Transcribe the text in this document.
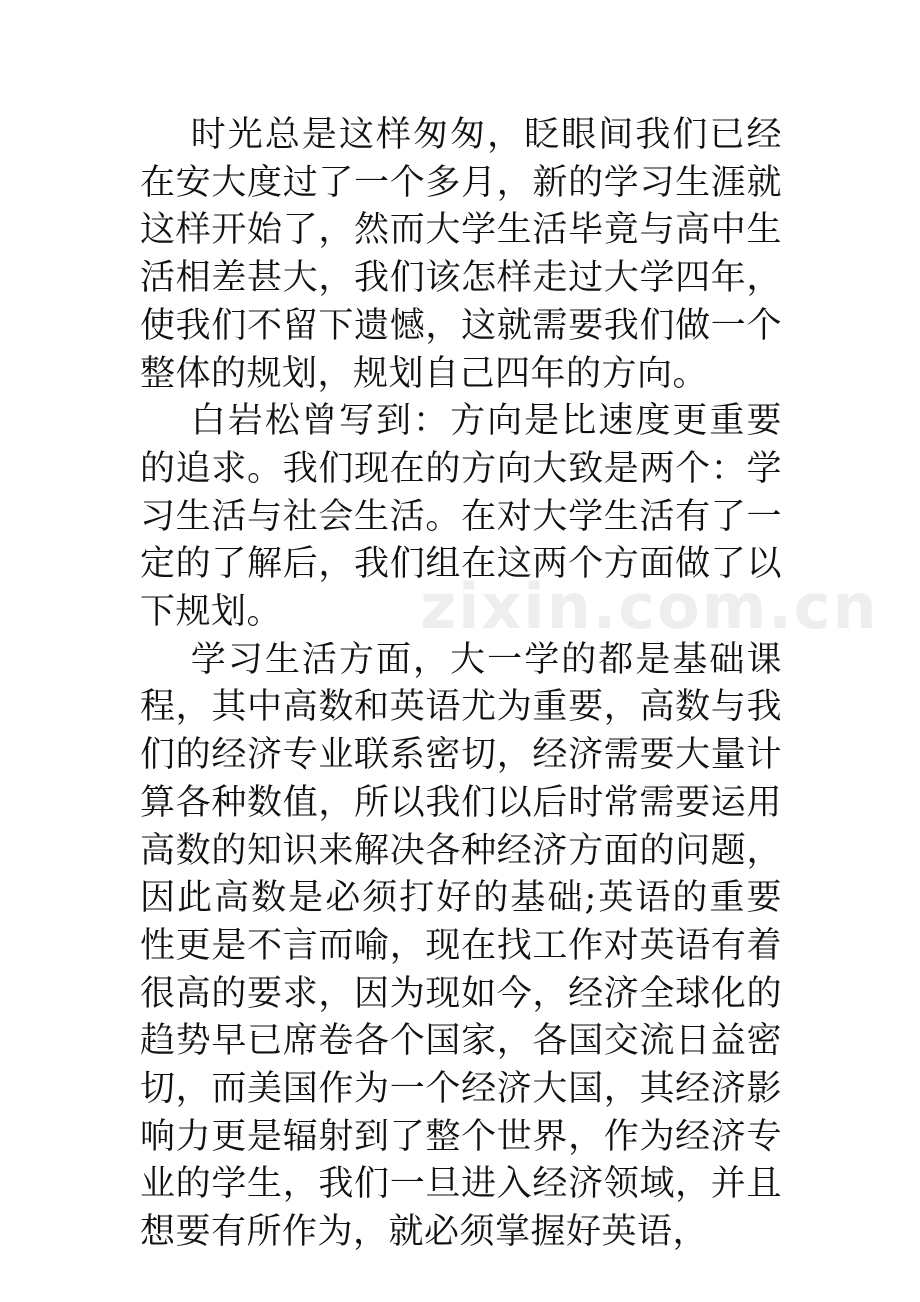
zixin.com.cn

时光总是这样匆匆，眨眼间我们已经在安大度过了一个多月，新的学习生涯就这样开始了，然而大学生活毕竟与高中生活相差甚大，我们该怎样走过大学四年，使我们不留下遗憾，这就需要我们做一个整体的规划，规划自己四年的方向。

白岩松曾写到：方向是比速度更重要的追求。我们现在的方向大致是两个：学习生活与社会生活。在对大学生活有了一定的了解后，我们组在这两个方面做了以下规划。

学习生活方面，大一学的都是基础课程，其中高数和英语尤为重要，高数与我们的经济专业联系密切，经济需要大量计算各种数值，所以我们以后时常需要运用高数的知识来解决各种经济方面的问题，因此高数是必须打好的基础;英语的重要性更是不言而喻，现在找工作对英语有着很高的要求，因为现如今，经济全球化的趋势早已席卷各个国家，各国交流日益密切，而美国作为一个经济大国，其经济影响力更是辐射到了整个世界，作为经济专业的学生，我们一旦进入经济领域，并且想要有所作为，就必须掌握好英语，
